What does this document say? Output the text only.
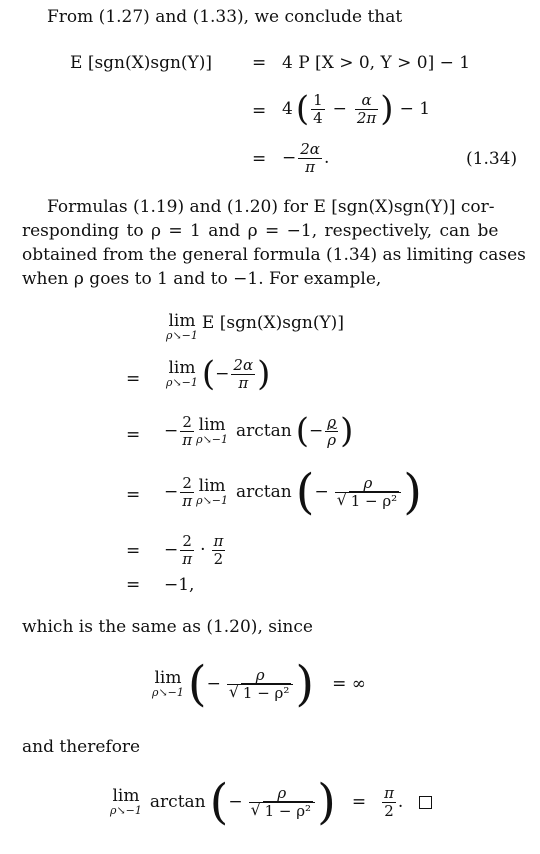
From (1.27) and (1.33), we conclude that
E [sgn(X)sgn(Y)] = 4 P [X > 0, Y > 0] − 1
= 4 ( $\frac{1}{4} - \frac{\alpha}{2\pi}$ ) − 1
= − $\frac{2\alpha}{\pi}$ .	(1.34)
Formulas (1.19) and (1.20) for E [sgn(X)sgn(Y)] cor-
responding to ρ = 1 and ρ = −1, respectively, can be
obtained from the general formula (1.34) as limiting cases
when ρ goes to 1 and to −1. For example,
lim
ρ↘−1
E [sgn(X)sgn(Y)]
=
lim
ρ↘−1 ( − $\frac{2\alpha}{\pi}$ )
= − $\frac{2}{\pi}$ lim
ρ↘−1 arctan ( − ρ
~ ρ )
= − $\frac{2}{\pi}$ lim
ρ↘−1 arctan ( − $\frac{\rho}{\text{√ 1 − ρ²}}$ )
= − $\frac{2}{\pi} \cdot \frac{\pi}{2}$
= −1,
which is the same as (1.20), since
lim
ρ↘−1 ( − $\frac{\rho}{\text{√ 1 − ρ²}}$ ) = ∞
and therefore
lim
ρ↘−1 arctan ( − $\frac{\rho}{\text{√ 1 − ρ²}}$ ) = $\frac{\pi}{2}$ .
